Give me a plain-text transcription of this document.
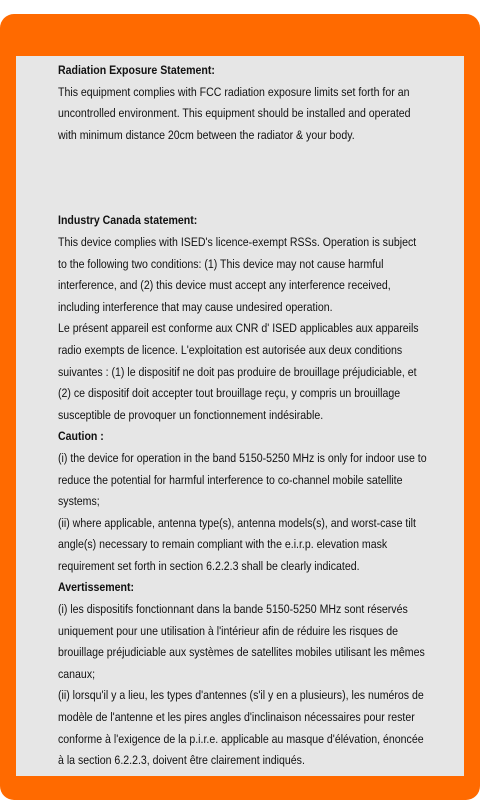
Radiation Exposure Statement:

This equipment complies with FCC radiation exposure limits set forth for an

uncontrolled environment. This equipment should be installed and operated

with minimum distance 20cm between the radiator & your body.

Industry Canada statement:

This device complies with ISED's licence-exempt RSSs. Operation is subject

to the following two conditions: (1) This device may not cause harmful

interference, and (2) this device must accept any interference received,

including interference that may cause undesired operation.

Le présent appareil est conforme aux CNR d' ISED applicables aux appareils

radio exempts de licence. L'exploitation est autorisée aux deux conditions

suivantes : (1) le dispositif ne doit pas produire de brouillage préjudiciable, et

(2) ce dispositif doit accepter tout brouillage reçu, y compris un brouillage

susceptible de provoquer un fonctionnement indésirable.

Caution :

(i) the device for operation in the band 5150-5250 MHz is only for indoor use to

reduce the potential for harmful interference to co-channel mobile satellite

systems;

(ii) where applicable, antenna type(s), antenna models(s), and worst-case tilt

angle(s) necessary to remain compliant with the e.i.r.p. elevation mask

requirement set forth in section 6.2.2.3 shall be clearly indicated.

Avertissement:

(i) les dispositifs fonctionnant dans la bande 5150-5250 MHz sont réservés

uniquement pour une utilisation à l'intérieur afin de réduire les risques de

brouillage préjudiciable aux systèmes de satellites mobiles utilisant les mêmes

canaux;

(ii) lorsqu'il y a lieu, les types d'antennes (s'il y en a plusieurs), les numéros de

modèle de l'antenne et les pires angles d'inclinaison nécessaires pour rester

conforme à l'exigence de la p.i.r.e. applicable au masque d'élévation, énoncée

à la section 6.2.2.3, doivent être clairement indiqués.
